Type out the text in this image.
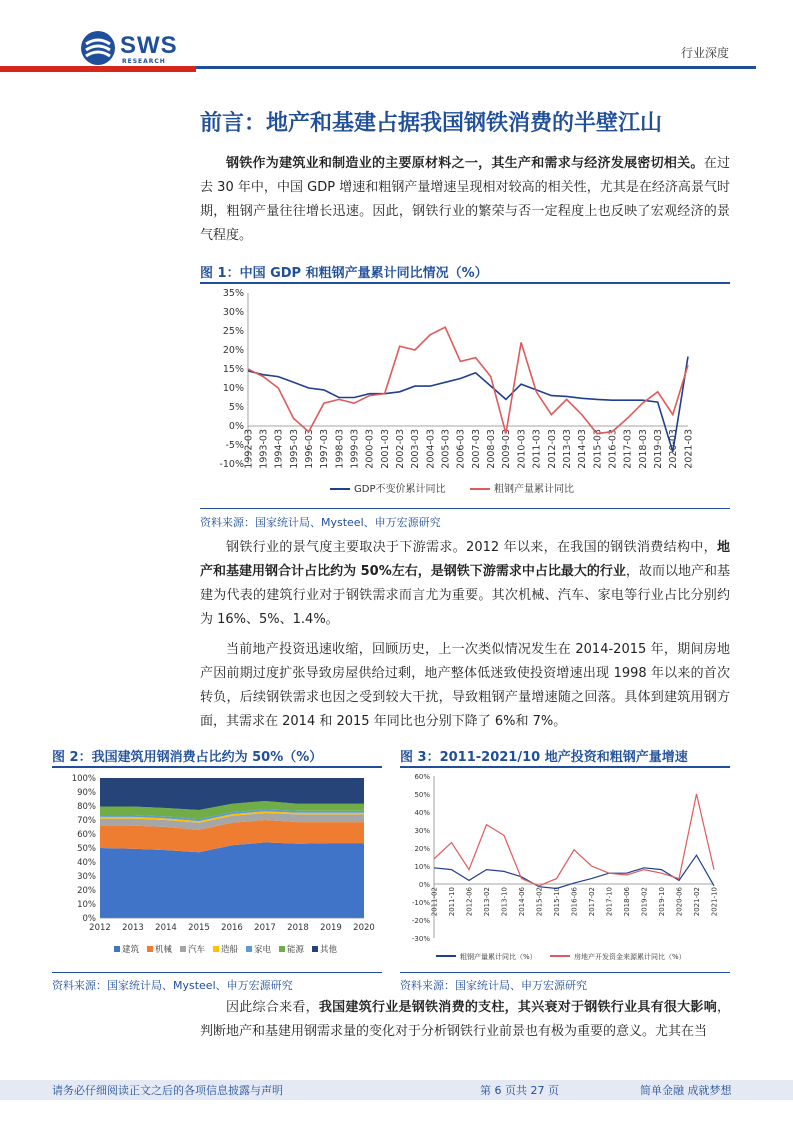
SWS
RESEARCH
行业深度
前言：地产和基建占据我国钢铁消费的半壁江山
钢铁作为建筑业和制造业的主要原材料之一，其生产和需求与经济发展密切相关。在过去 30 年中，中国 GDP 增速和粗钢产量增速呈现相对较高的相关性，尤其是在经济高景气时期，粗钢产量往往增长迅速。因此，钢铁行业的繁荣与否一定程度上也反映了宏观经济的景气程度。
图 1：中国 GDP 和粗钢产量累计同比情况（%）
35%
30%
25%
20%
15%
10%
5%
0%
-5%
-10% 1992-03 1993-03 1994-03 1995-03 1996-03 1997-03 1998-03 1999-03 2000-03 2001-03 2002-03 2003-03 2004-03 2005-03 2006-03 2007-03 2008-03 2009-03 2010-03 2011-03 2012-03 2013-03 2014-03 2015-03 2016-03 2017-03 2018-03 2019-03 2020-03 2021-03
GDP不变价累计同比	粗钢产量累计同比
资料来源：国家统计局、Mysteel、申万宏源研究
钢铁行业的景气度主要取决于下游需求。2012 年以来，在我国的钢铁消费结构中，地产和基建用钢合计占比约为 50%左右，是钢铁下游需求中占比最大的行业，故而以地产和基建为代表的建筑行业对于钢铁需求而言尤为重要。其次机械、汽车、家电等行业占比分别约为 16%、5%、1.4%。
当前地产投资迅速收缩，回顾历史，上一次类似情况发生在 2014-2015 年，期间房地产因前期过度扩张导致房屋供给过剩，地产整体低迷致使投资增速出现 1998 年以来的首次转负，后续钢铁需求也因之受到较大干扰，导致粗钢产量增速随之回落。具体到建筑用钢方面，其需求在 2014 和 2015 年同比也分别下降了 6%和 7%。
图 2：我国建筑用钢消费占比约为 50%（%）
0%
10%
20%
30%
40%
50%
60%
70%
80%
90%
100%
2012 2013 2014 2015 2016 2017 2018 2019 2020
建筑 机械 汽车 造船 家电 能源 其他
资料来源：国家统计局、Mysteel、申万宏源研究
图 3：2011-2021/10 地产投资和粗钢产量增速
60%
50%
40%
30%
20%
10%
0%
-10%
-20%
-30%
2011-02 2011-10 2012-06 2013-02 2013-10 2014-06 2015-02 2015-10 2016-06 2017-02 2017-10 2018-06 2019-02 2019-10 2020-06 2021-02 2021-10
粗钢产量累计同比（%）	房地产开发资金来源累计同比（%）
资料来源：国家统计局、申万宏源研究
因此综合来看，我国建筑行业是钢铁消费的支柱，其兴衰对于钢铁行业具有很大影响，判断地产和基建用钢需求量的变化对于分析钢铁行业前景也有极为重要的意义。尤其在当
请务必仔细阅读正文之后的各项信息披露与声明	第 6 页共 27 页	简单金融 成就梦想
